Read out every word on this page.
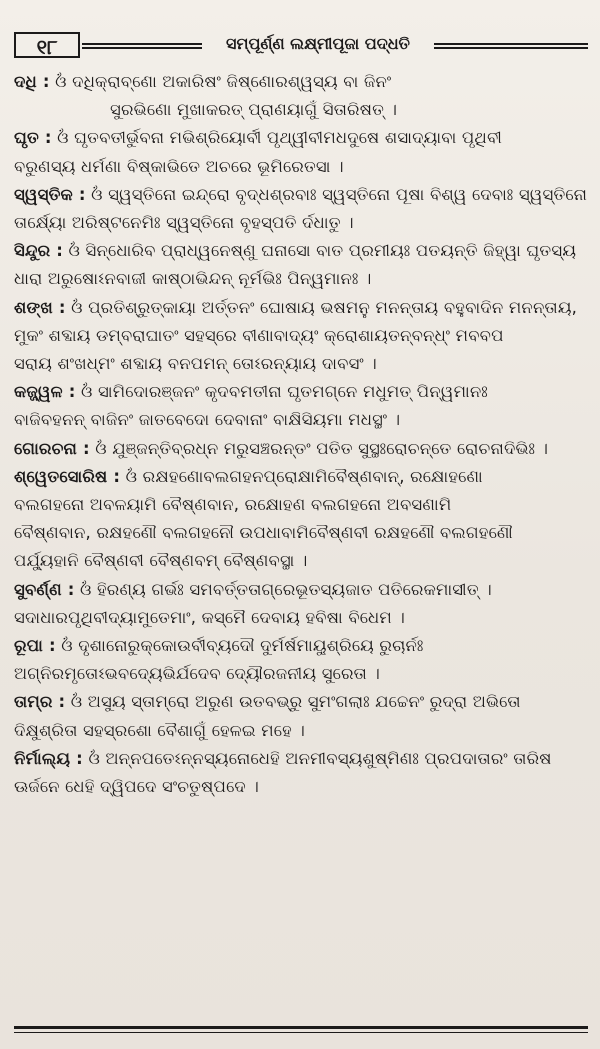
୧୮	ସମ୍ପୂର୍ଣ୍ଣ ଲକ୍ଷ୍ମୀପୂଜା ପଦ୍ଧତି
ଦଧି : ଓଁ ଦଧିକ୍ରାବ୍ଣୋ ଅକାରିଷଂ ଜିଷ୍ଣୋରଶ୍ୱସ୍ୟ ବା ଜିନଂ
ସୁରଭିଣୋ ମୁଖାକରତ୍ ପ୍ରାଣୟାଗୁଁ ସିତାରିଷତ୍ ।
ଘୃତ : ଓଁ ଘୃତବତୀର୍ଭୁବନା ମଭିଶ୍ରିୟୋର୍ବୀ ପୃଥ୍ୱୀବୀମଧଦୁଷେ ଶସାଦ୍ୟାବା ପୃଥିବୀ
ବରୁଣସ୍ୟ ଧର୍ମଣା ବିଷ୍କାଭିତେ ଅଚରେ ଭୂମିରେତସା ।
ସ୍ୱସ୍ତିକ : ଓଁ ସ୍ୱସ୍ତିନୋ ଇନ୍ଦ୍ରୋ ବୃଦ୍ଧଶ୍ରବାଃ ସ୍ୱସ୍ତିନୋ ପୂଷା ବିଶ୍ୱ ଦେବାଃ ସ୍ୱସ୍ତିନୋ
ତାର୍କ୍ଷ୍ୟୋ ଅରିଷ୍ଟନେମିଃ ସ୍ୱସ୍ତିନୋ ବୃହସ୍ପତି ର୍ଦଧାତୁ ।
ସିନ୍ଦୁର : ଓଁ ସିନ୍ଧୋରିବ ପ୍ରାଧ୍ୱନେଷ୍ଣୁ ଘନାସୋ ବାତ ପ୍ରମୀୟଃ ପତୟନ୍ତି ଜିହ୍ୱା ଘୃତସ୍ୟ
ଧାରା ଅରୁଷୋଽନବାଜୀ କାଷ୍ଠାଭିନ୍ଦନ୍ ନୂର୍ମଭିଃ ପିନ୍ୱମାନଃ ।
ଶଙ୍ଖ : ଓଁ ପ୍ରତିଶ୍ରୁତ୍କାୟା ଅର୍ତ୍ତନଂ ଘୋଷାୟ ଭଷମନୁ ମନନ୍ତାୟ ବହୁବାଦିନ ମନନ୍ତାୟ,
ମୁକଂ ଶବ୍ଦାୟ ଡମ୍ବରାଘାତଂ ସହସ୍ରେ ବୀଣାବାଦ୍ୟଂ କ୍ରୋଶାୟତନ୍ବନ୍ଧ୍ଂ ମବବପ
ସରାୟ ଶଂଖଧ୍ମଂ ଶବ୍ଦାୟ ବନପମନ୍ ତୋଽରନ୍ୟାୟ ଦାବସଂ ।
କଜ୍ଜ୍ୱଳ : ଓଁ ସାମିଦୋରଞ୍ଜନଂ କୃଦବମତୀନା ଘୃତମଗ୍ନେ ମଧୁମତ୍ ପିନ୍ୱମାନଃ
ବାଜିବହନନ୍ ବାଜିନଂ ଜାତବେଦୋ ଦେବାନାଂ ବାକ୍ଷିସିୟମା ମଧସ୍ଥଂ ।
ଗୋରଚନା : ଓଁ ଯୁଞ୍ଜନ୍ତିବ୍ରଧ୍ନ ମରୁସଞ୍ଚରନ୍ତଂ ପତିତ ସୁସ୍ଥଃରୋଚନ୍ତେ ରୋଚନାଦିଭିଃ ।
ଶ୍ୱେତସୋରିଷ : ଓଁ ରକ୍ଷହଣୋବଲଗହନପ୍ରୋକ୍ଷାମିବୈଷ୍ଣବାନ୍, ରକ୍ଷୋହଣୋ
ବଲଗହନୋ ଅବଳୟାମି ବୈଷ୍ଣବାନ, ରକ୍ଷୋହଣ ବଲଗହନୋ ଅବସଣାମି
ବୈଷ୍ଣବାନ, ରକ୍ଷହଣୌ ବଲଗହନୌ ଉପଧାବାମିବୈଷ୍ଣବୀ ରକ୍ଷହଣୌ ବଲଗହଣୌ
ପର୍ଯ୍ୟୁହାନି ବୈଷ୍ଣବୀ ବୈଷ୍ଣବମ୍ ବୈଷ୍ଣବସ୍ଥା ।
ସୁବର୍ଣ୍ଣ : ଓଁ ହିରଣ୍ୟ ଗର୍ଭଃ ସମବର୍ତ୍ତତାଗ୍ରେଭୂତସ୍ୟଜାତ ପତିରେକମାସୀତ୍ ।
ସଦାଧାରପୃଥିବୀଦ୍ୟାମୁତେମାଂ, କସ୍ମୈ ଦେବାୟ ହବିଷା ବିଧେମ ।
ରୂପା : ଓଁ ଦୃଶାନୋରୁକ୍କୋଉର୍ବୀବ୍ୟଦୌ ଦୁର୍ମର୍ଷମାୟୁଶ୍ରିୟେ ରୁଚାର୍ନଃ
ଅଗ୍ନିରମୃତୋଽଭବଦ୍ୟେଭିର୍ଯଦେବ ଦ୍ୟୌରଜନୀୟ ସୁରେତା ।
ତାମ୍ର : ଓଁ ଅସୁୟ ସ୍ତାମ୍ରୋ ଅରୁଣ ଉତବଭ୍ରୁ ସୁମଂଗଲାଃ ଯଚ୍ଚେନଂ ରୁଦ୍ରା ଅଭିତୋ
ଦିକ୍ଷୁଶ୍ରିତା ସହସ୍ରଶୋ ବୈଶାଗୁଁ ହେଳଇ ମହେ ।
ନିର୍ମାଲ୍ୟ : ଓଁ ଅନ୍ନପତେଽନ୍ନସ୍ୟନୋଧେହି ଅନମୀବସ୍ୟଶୁଷ୍ମିଣଃ ପ୍ରପଦାତାରଂ ତାରିଷ
ଊର୍ଜନେ ଧେହି ଦ୍ୱିପଦେ ସଂଚତୁଷ୍ପଦେ ।
